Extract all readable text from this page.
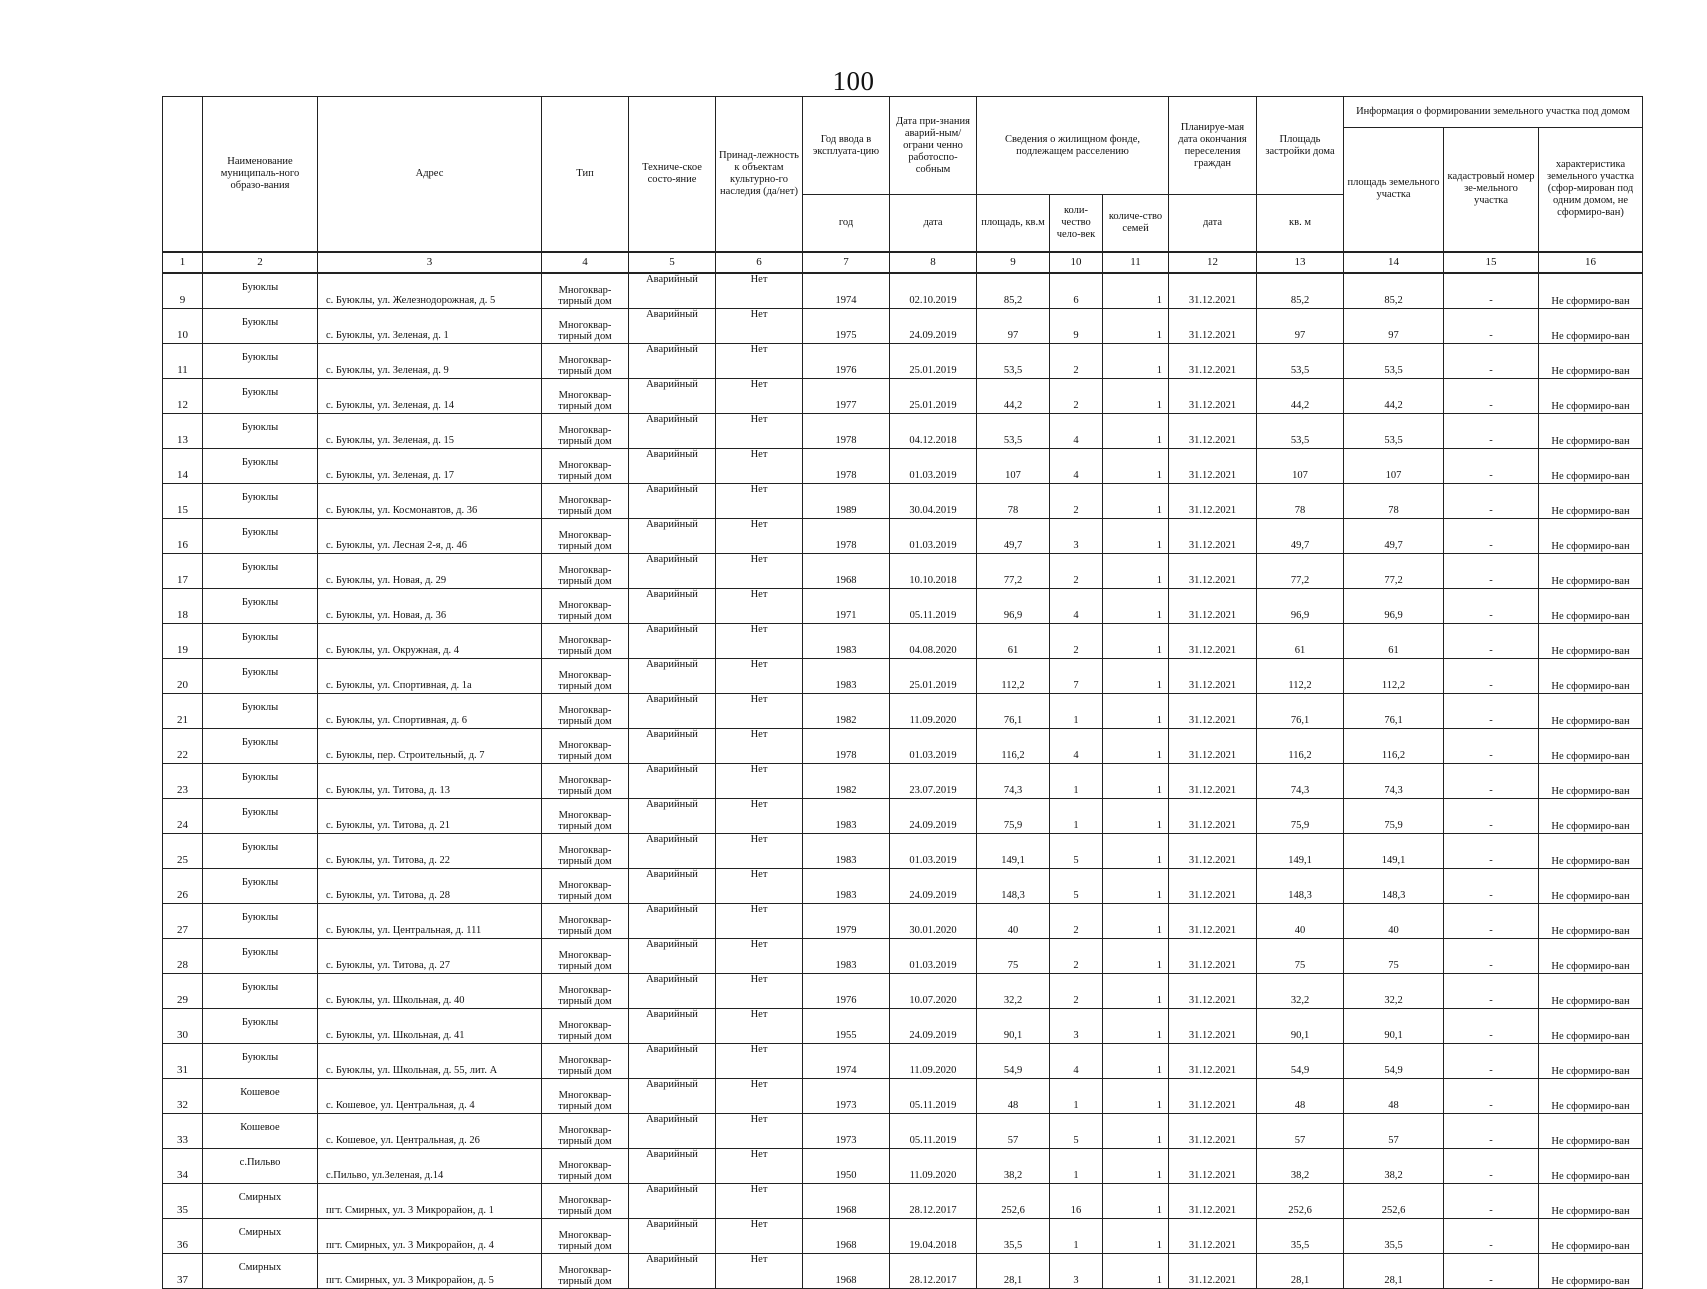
100
	Наименование муниципаль-ного образо-вания	Адрес	Тип	Техниче-ское состо-яние	Принад-лежность к объектам культурно-го наследия (да/нет)	Год ввода в эксплуата-цию	Дата при-знания аварий-ным/ограни ченно работоспо-собным	Сведения о жилищном фонде, подлежащем расселению			Планируе-мая дата окончания переселения граждан	Площадь застройки дома	Информация о формировании земельного участка под домом		
													площадь земельного участка	кадастровый номер зе-мельного участка	характеристика земельного участка (сфор-мирован под одним домом, не сформиро-ван)
						год	дата	площадь, кв.м	коли-чество чело-век	количе-ство семей	дата	кв. м			
1	2	3	4	5	6	7	8	9	10	11	12	13	14	15	16
9	Буюклы	с. Буюклы, ул. Железнодорожная, д. 5	Многоквар-тирный дом	Аварийный	Нет	1974	02.10.2019	85,2	6	1	31.12.2021	85,2	85,2	-	Не сформиро-ван
10	Буюклы	с. Буюклы, ул. Зеленая, д. 1	Многоквар-тирный дом	Аварийный	Нет	1975	24.09.2019	97	9	1	31.12.2021	97	97	-	Не сформиро-ван
11	Буюклы	с. Буюклы, ул. Зеленая, д. 9	Многоквар-тирный дом	Аварийный	Нет	1976	25.01.2019	53,5	2	1	31.12.2021	53,5	53,5	-	Не сформиро-ван
12	Буюклы	с. Буюклы, ул. Зеленая, д. 14	Многоквар-тирный дом	Аварийный	Нет	1977	25.01.2019	44,2	2	1	31.12.2021	44,2	44,2	-	Не сформиро-ван
13	Буюклы	с. Буюклы, ул. Зеленая, д. 15	Многоквар-тирный дом	Аварийный	Нет	1978	04.12.2018	53,5	4	1	31.12.2021	53,5	53,5	-	Не сформиро-ван
14	Буюклы	с. Буюклы, ул. Зеленая, д. 17	Многоквар-тирный дом	Аварийный	Нет	1978	01.03.2019	107	4	1	31.12.2021	107	107	-	Не сформиро-ван
15	Буюклы	с. Буюклы, ул. Космонавтов, д. 36	Многоквар-тирный дом	Аварийный	Нет	1989	30.04.2019	78	2	1	31.12.2021	78	78	-	Не сформиро-ван
16	Буюклы	с. Буюклы, ул. Лесная 2-я, д. 46	Многоквар-тирный дом	Аварийный	Нет	1978	01.03.2019	49,7	3	1	31.12.2021	49,7	49,7	-	Не сформиро-ван
17	Буюклы	с. Буюклы, ул. Новая, д. 29	Многоквар-тирный дом	Аварийный	Нет	1968	10.10.2018	77,2	2	1	31.12.2021	77,2	77,2	-	Не сформиро-ван
18	Буюклы	с. Буюклы, ул. Новая, д. 36	Многоквар-тирный дом	Аварийный	Нет	1971	05.11.2019	96,9	4	1	31.12.2021	96,9	96,9	-	Не сформиро-ван
19	Буюклы	с. Буюклы, ул. Окружная, д. 4	Многоквар-тирный дом	Аварийный	Нет	1983	04.08.2020	61	2	1	31.12.2021	61	61	-	Не сформиро-ван
20	Буюклы	с. Буюклы, ул. Спортивная, д. 1а	Многоквар-тирный дом	Аварийный	Нет	1983	25.01.2019	112,2	7	1	31.12.2021	112,2	112,2	-	Не сформиро-ван
21	Буюклы	с. Буюклы, ул. Спортивная, д. 6	Многоквар-тирный дом	Аварийный	Нет	1982	11.09.2020	76,1	1	1	31.12.2021	76,1	76,1	-	Не сформиро-ван
22	Буюклы	с. Буюклы, пер. Строительный, д. 7	Многоквар-тирный дом	Аварийный	Нет	1978	01.03.2019	116,2	4	1	31.12.2021	116,2	116,2	-	Не сформиро-ван
23	Буюклы	с. Буюклы, ул. Титова, д. 13	Многоквар-тирный дом	Аварийный	Нет	1982	23.07.2019	74,3	1	1	31.12.2021	74,3	74,3	-	Не сформиро-ван
24	Буюклы	с. Буюклы, ул. Титова, д. 21	Многоквар-тирный дом	Аварийный	Нет	1983	24.09.2019	75,9	1	1	31.12.2021	75,9	75,9	-	Не сформиро-ван
25	Буюклы	с. Буюклы, ул. Титова, д. 22	Многоквар-тирный дом	Аварийный	Нет	1983	01.03.2019	149,1	5	1	31.12.2021	149,1	149,1	-	Не сформиро-ван
26	Буюклы	с. Буюклы, ул. Титова, д. 28	Многоквар-тирный дом	Аварийный	Нет	1983	24.09.2019	148,3	5	1	31.12.2021	148,3	148,3	-	Не сформиро-ван
27	Буюклы	с. Буюклы, ул. Центральная, д. 111	Многоквар-тирный дом	Аварийный	Нет	1979	30.01.2020	40	2	1	31.12.2021	40	40	-	Не сформиро-ван
28	Буюклы	с. Буюклы, ул. Титова, д. 27	Многоквар-тирный дом	Аварийный	Нет	1983	01.03.2019	75	2	1	31.12.2021	75	75	-	Не сформиро-ван
29	Буюклы	с. Буюклы, ул. Школьная, д. 40	Многоквар-тирный дом	Аварийный	Нет	1976	10.07.2020	32,2	2	1	31.12.2021	32,2	32,2	-	Не сформиро-ван
30	Буюклы	с. Буюклы, ул. Школьная, д. 41	Многоквар-тирный дом	Аварийный	Нет	1955	24.09.2019	90,1	3	1	31.12.2021	90,1	90,1	-	Не сформиро-ван
31	Буюклы	с. Буюклы, ул. Школьная, д. 55, лит. А	Многоквар-тирный дом	Аварийный	Нет	1974	11.09.2020	54,9	4	1	31.12.2021	54,9	54,9	-	Не сформиро-ван
32	Кошевое	с. Кошевое, ул. Центральная, д. 4	Многоквар-тирный дом	Аварийный	Нет	1973	05.11.2019	48	1	1	31.12.2021	48	48	-	Не сформиро-ван
33	Кошевое	с. Кошевое, ул. Центральная, д. 26	Многоквар-тирный дом	Аварийный	Нет	1973	05.11.2019	57	5	1	31.12.2021	57	57	-	Не сформиро-ван
34	с.Пильво	с.Пильво, ул.Зеленая, д.14	Многоквар-тирный дом	Аварийный	Нет	1950	11.09.2020	38,2	1	1	31.12.2021	38,2	38,2	-	Не сформиро-ван
35	Смирных	пгт. Смирных, ул. 3 Микрорайон, д. 1	Многоквар-тирный дом	Аварийный	Нет	1968	28.12.2017	252,6	16	1	31.12.2021	252,6	252,6	-	Не сформиро-ван
36	Смирных	пгт. Смирных, ул. 3 Микрорайон, д. 4	Многоквар-тирный дом	Аварийный	Нет	1968	19.04.2018	35,5	1	1	31.12.2021	35,5	35,5	-	Не сформиро-ван
37	Смирных	пгт. Смирных, ул. 3 Микрорайон, д. 5	Многоквар-тирный дом	Аварийный	Нет	1968	28.12.2017	28,1	3	1	31.12.2021	28,1	28,1	-	Не сформиро-ван
